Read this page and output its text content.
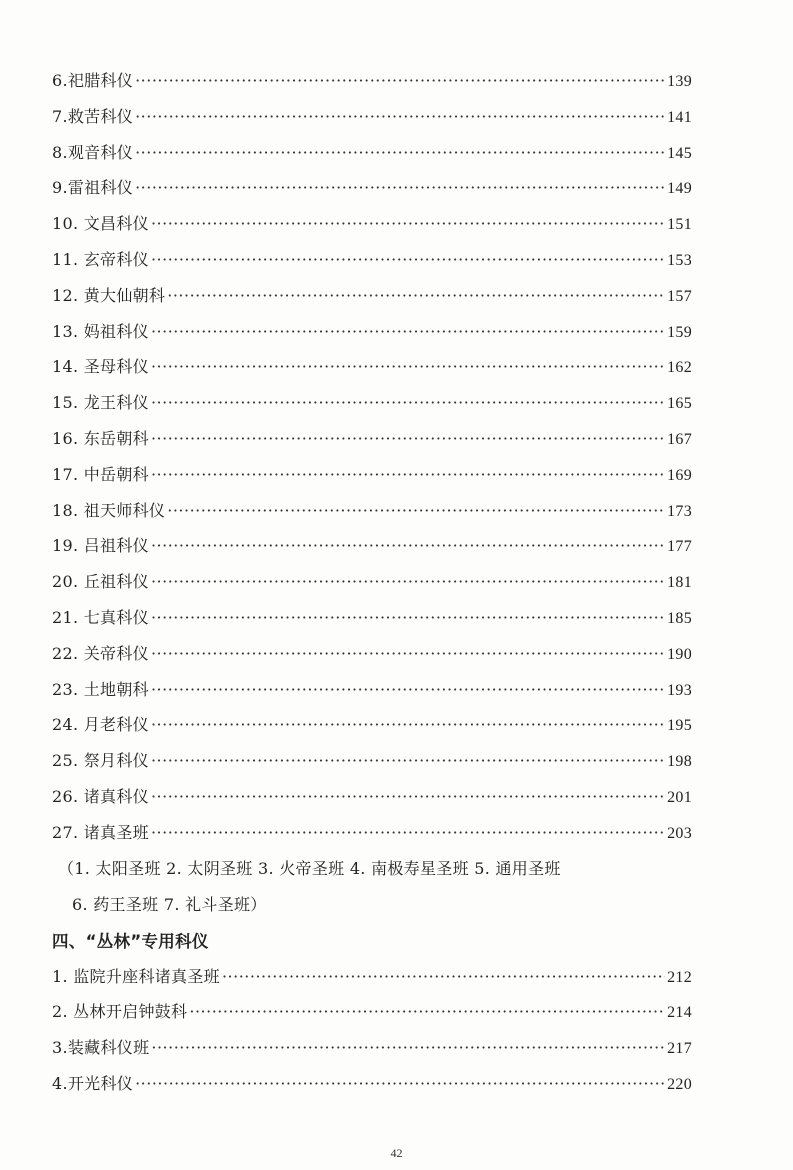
6.祀腊科仪 ·····	139
7.救苦科仪 ·····	141
8.观音科仪 ·····	145
9.雷祖科仪 ·····	149
10. 文昌科仪 ·····	151
11. 玄帝科仪 ·····	153
12. 黄大仙朝科 ·····	157
13. 妈祖科仪 ·····	159
14. 圣母科仪 ·····	162
15. 龙王科仪 ·····	165
16. 东岳朝科 ·····	167
17. 中岳朝科 ·····	169
18. 祖天师科仪 ·····	173
19. 吕祖科仪 ·····	177
20. 丘祖科仪 ·····	181
21. 七真科仪 ·····	185
22. 关帝科仪 ·····	190
23. 土地朝科 ·····	193
24. 月老科仪 ·····	195
25. 祭月科仪 ·····	198
26. 诸真科仪 ·····	201
27. 诸真圣班 ·····	203
（1. 太阳圣班 2. 太阴圣班 3. 火帝圣班 4. 南极寿星圣班 5. 通用圣班
6. 药王圣班 7. 礼斗圣班）
四、“丛林”专用科仪
1. 监院升座科诸真圣班 ·····	212
2. 丛林开启钟鼓科 ·····	214
3.装藏科仪班 ·····	217
4.开光科仪 ·····	220
42
